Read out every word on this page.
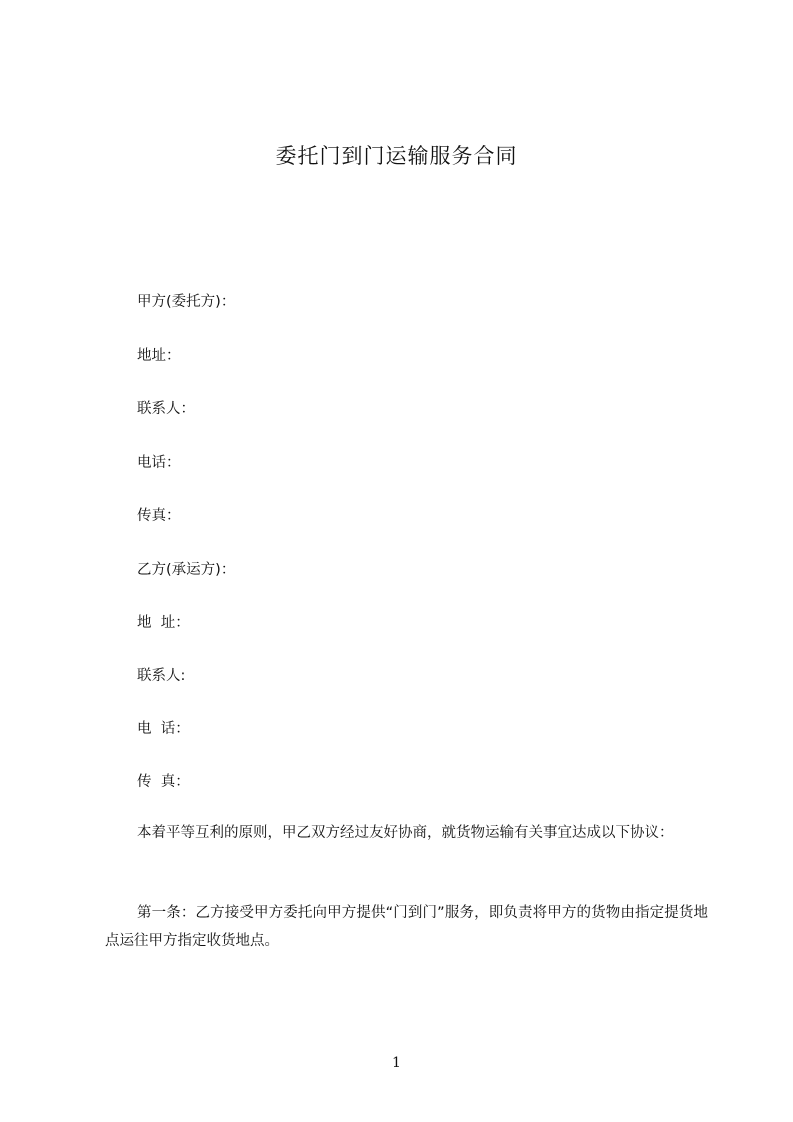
委托门到门运输服务合同
甲方(委托方)：
地址：
联系人：
电话：
传真：
乙方(承运方)：
地  址：
联系人:
电  话：
传  真：

本着平等互利的原则，甲乙双方经过友好协商，就货物运输有关事宜达成以下协议：

第一条：乙方接受甲方委托向甲方提供“门到门”服务，即负责将甲方的货物由指定提货地点运往甲方指定收货地点。

1
